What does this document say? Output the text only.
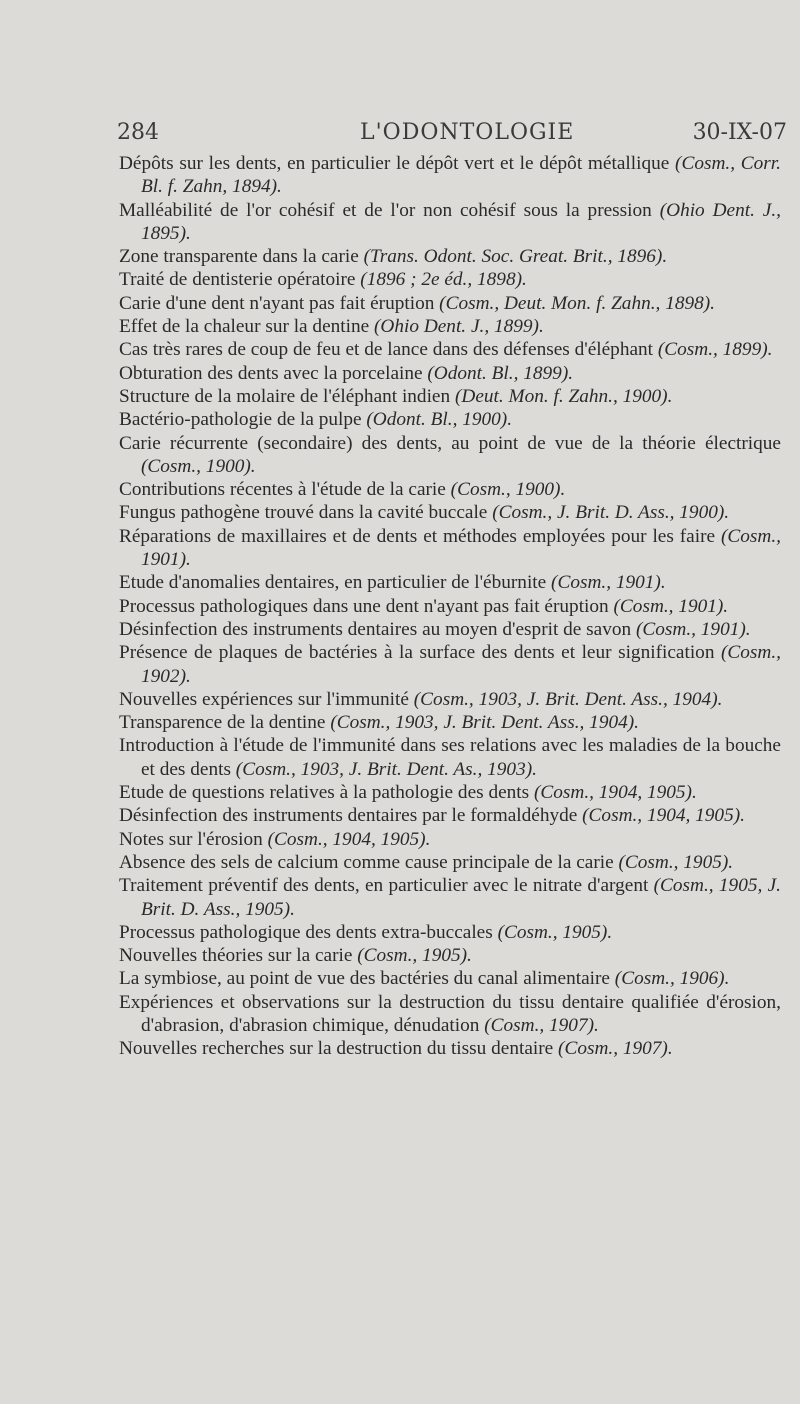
284	L'ODONTOLOGIE	30-IX-07

Dépôts sur les dents, en particulier le dépôt vert et le dépôt métallique (Cosm., Corr. Bl. f. Zahn, 1894).

Malléabilité de l'or cohésif et de l'or non cohésif sous la pression (Ohio Dent. J., 1895).

Zone transparente dans la carie (Trans. Odont. Soc. Great. Brit., 1896).

Traité de dentisterie opératoire (1896 ; 2e éd., 1898).

Carie d'une dent n'ayant pas fait éruption (Cosm., Deut. Mon. f. Zahn., 1898).

Effet de la chaleur sur la dentine (Ohio Dent. J., 1899).

Cas très rares de coup de feu et de lance dans des défenses d'éléphant (Cosm., 1899).

Obturation des dents avec la porcelaine (Odont. Bl., 1899).

Structure de la molaire de l'éléphant indien (Deut. Mon. f. Zahn., 1900).

Bactério-pathologie de la pulpe (Odont. Bl., 1900).

Carie récurrente (secondaire) des dents, au point de vue de la théorie électrique (Cosm., 1900).

Contributions récentes à l'étude de la carie (Cosm., 1900).

Fungus pathogène trouvé dans la cavité buccale (Cosm., J. Brit. D. Ass., 1900).

Réparations de maxillaires et de dents et méthodes employées pour les faire (Cosm., 1901).

Etude d'anomalies dentaires, en particulier de l'éburnite (Cosm., 1901).

Processus pathologiques dans une dent n'ayant pas fait éruption (Cosm., 1901).

Désinfection des instruments dentaires au moyen d'esprit de savon (Cosm., 1901).

Présence de plaques de bactéries à la surface des dents et leur signification (Cosm., 1902).

Nouvelles expériences sur l'immunité (Cosm., 1903, J. Brit. Dent. Ass., 1904).

Transparence de la dentine (Cosm., 1903, J. Brit. Dent. Ass., 1904).

Introduction à l'étude de l'immunité dans ses relations avec les maladies de la bouche et des dents (Cosm., 1903, J. Brit. Dent. As., 1903).

Etude de questions relatives à la pathologie des dents (Cosm., 1904, 1905).

Désinfection des instruments dentaires par le formaldéhyde (Cosm., 1904, 1905).

Notes sur l'érosion (Cosm., 1904, 1905).

Absence des sels de calcium comme cause principale de la carie (Cosm., 1905).

Traitement préventif des dents, en particulier avec le nitrate d'argent (Cosm., 1905, J. Brit. D. Ass., 1905).

Processus pathologique des dents extra-buccales (Cosm., 1905).

Nouvelles théories sur la carie (Cosm., 1905).

La symbiose, au point de vue des bactéries du canal alimentaire (Cosm., 1906).

Expériences et observations sur la destruction du tissu dentaire qualifiée d'érosion, d'abrasion, d'abrasion chimique, dénudation (Cosm., 1907).

Nouvelles recherches sur la destruction du tissu dentaire (Cosm., 1907).
